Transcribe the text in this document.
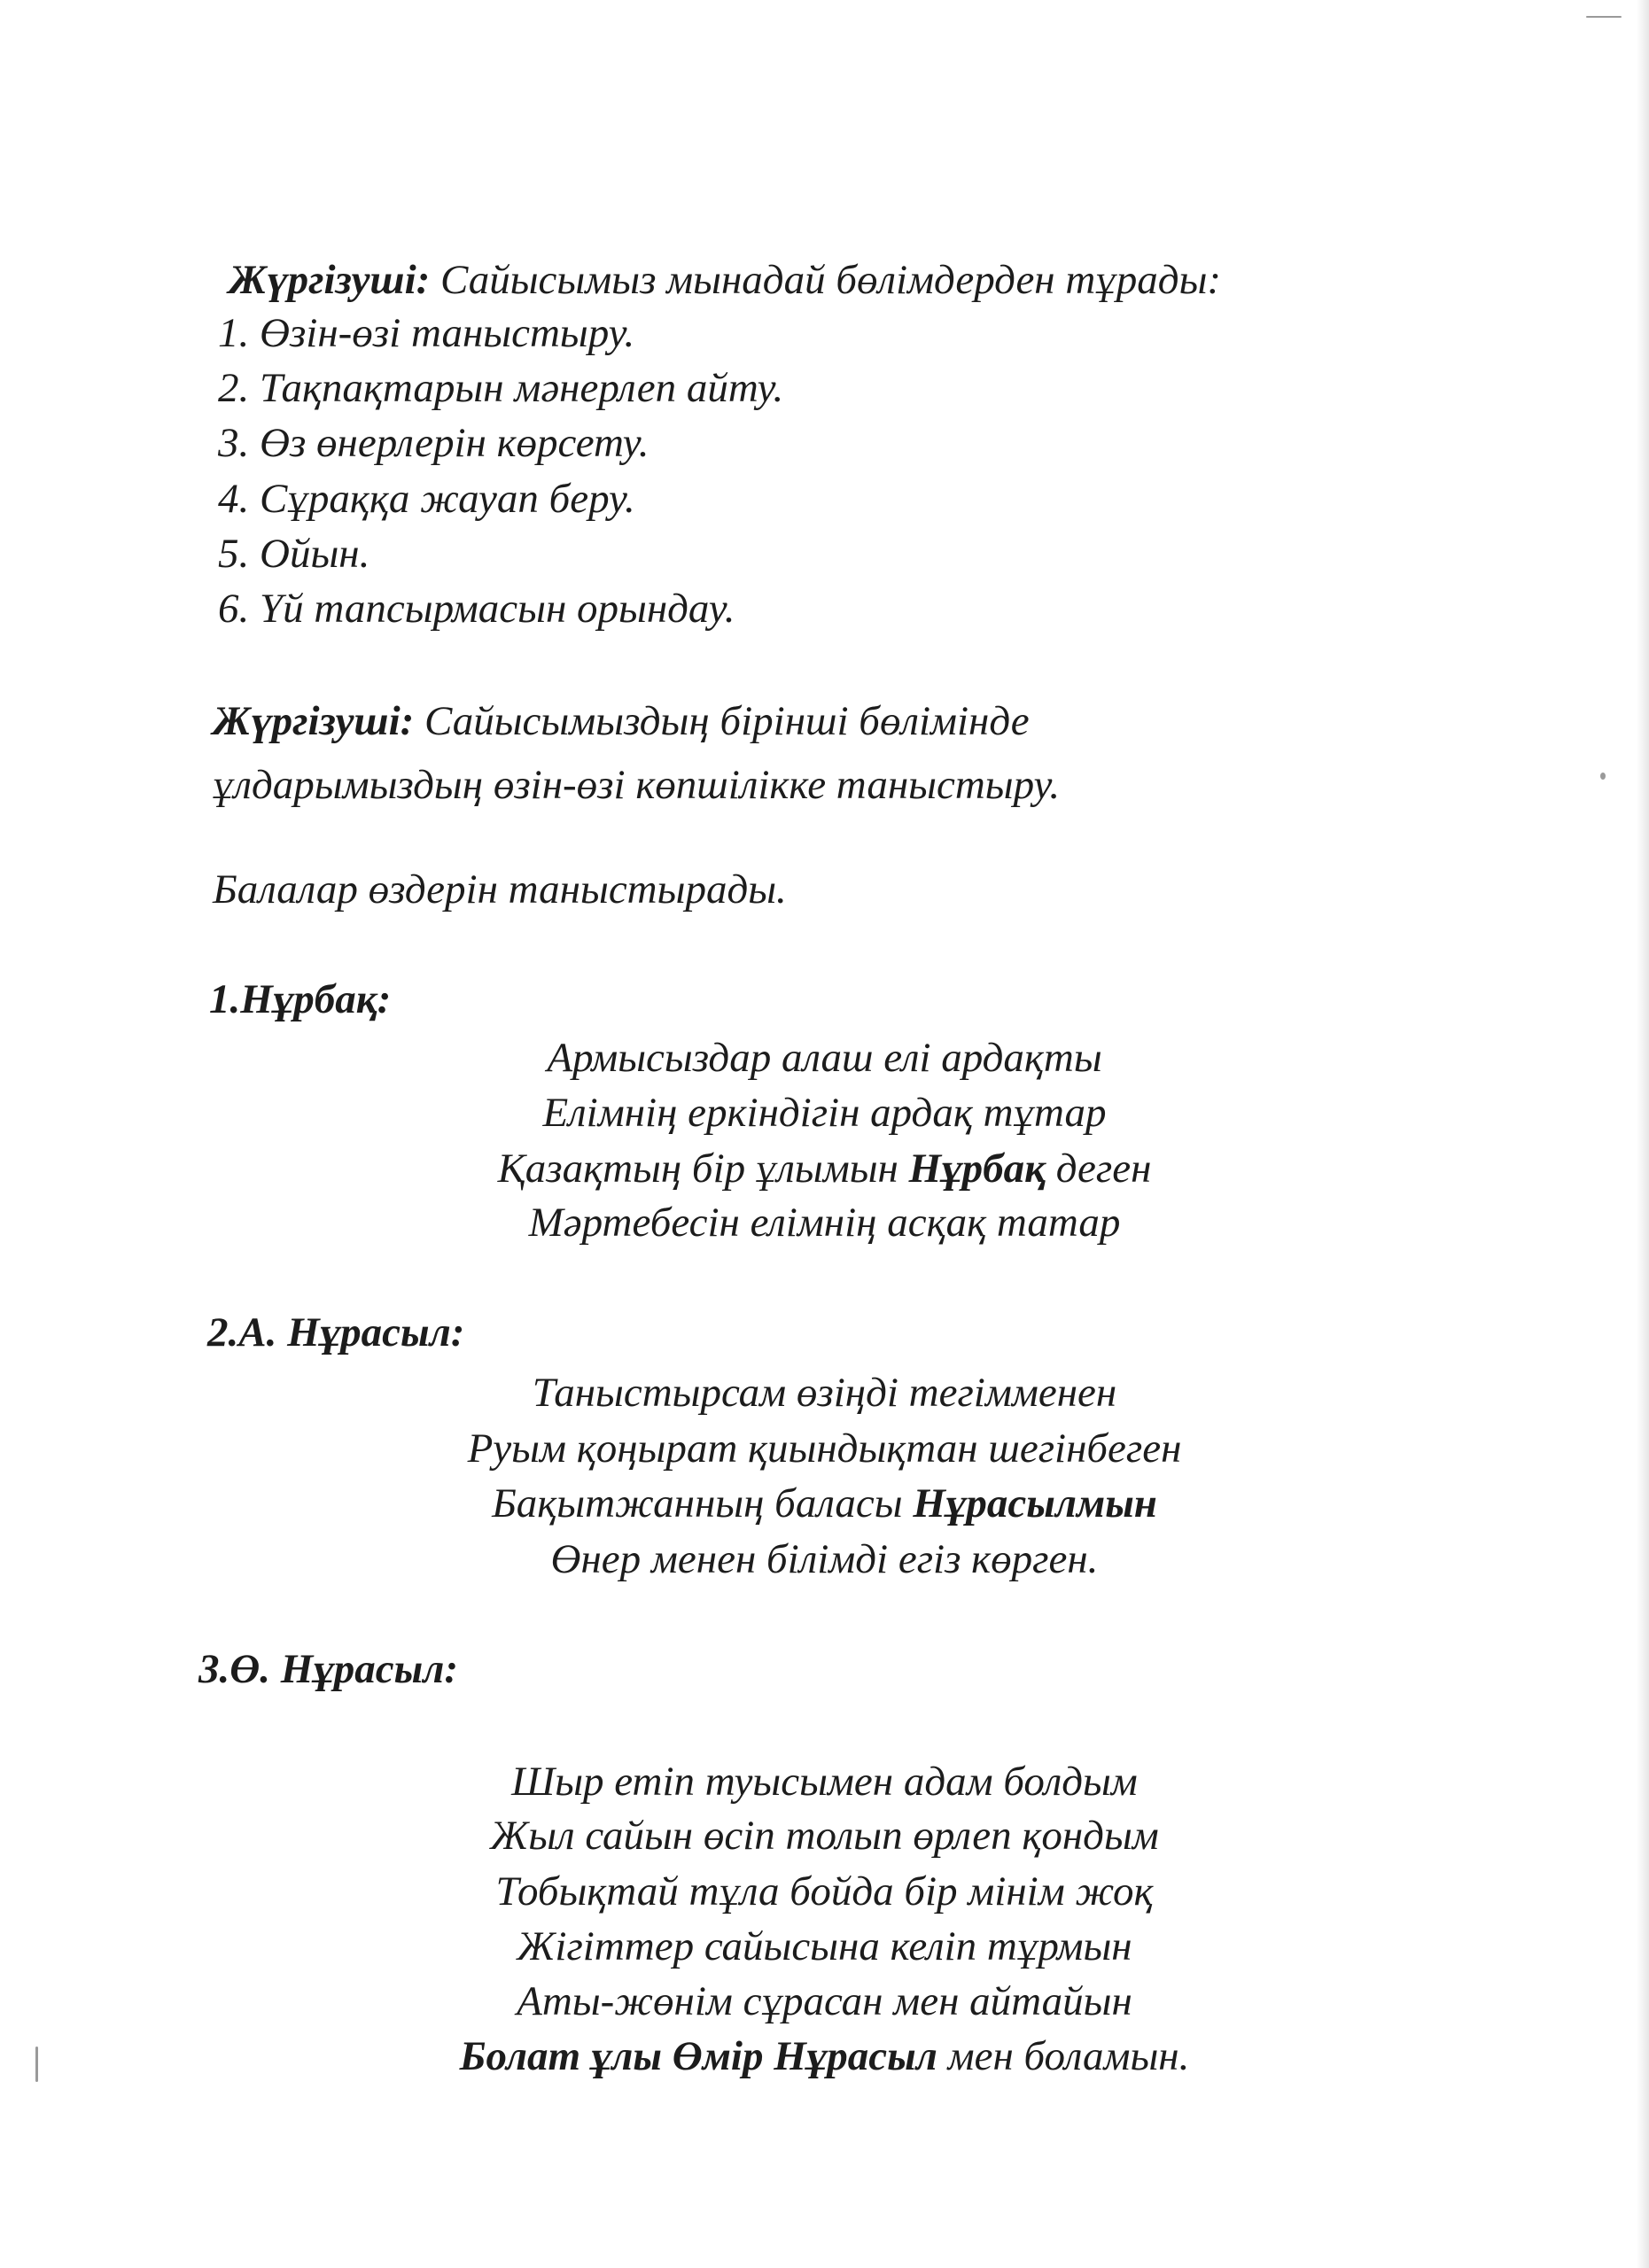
Жүргізуші: Сайысымыз мынадай бөлімдерден тұрады:
1. Өзін-өзі таныстыру.
2. Тақпақтарын мәнерлеп айту.
3. Өз өнерлерін көрсету.
4. Сұраққа жауап беру.
5. Ойын.
6. Үй тапсырмасын орындау.
Жүргізуші: Сайысымыздың бірінші бөлімінде
ұлдарымыздың өзін-өзі көпшілікке таныстыру.
Балалар өздерін таныстырады.
1.Нұрбақ:
Армысыздар алаш елі ардақты
Елімнің еркіндігін ардақ тұтар
Қазақтың бір ұлымын Нұрбақ деген
Мәртебесін елімнің асқақ татар
2.А. Нұрасыл:
Таныстырсам өзіңді тегімменен
Руым қоңырат қиындықтан шегінбеген
Бақытжанның баласы Нұрасылмын
Өнер менен білімді егіз көрген.
3.Ө. Нұрасыл:
Шыр етіп туысымен адам болдым
Жыл сайын өсіп толып өрлеп қондым
Тобықтай тұла бойда бір мінім жоқ
Жігіттер сайысына келіп тұрмын
Аты-жөнім сұрасан мен айтайын
Болат ұлы Өмір Нұрасыл мен боламын.
